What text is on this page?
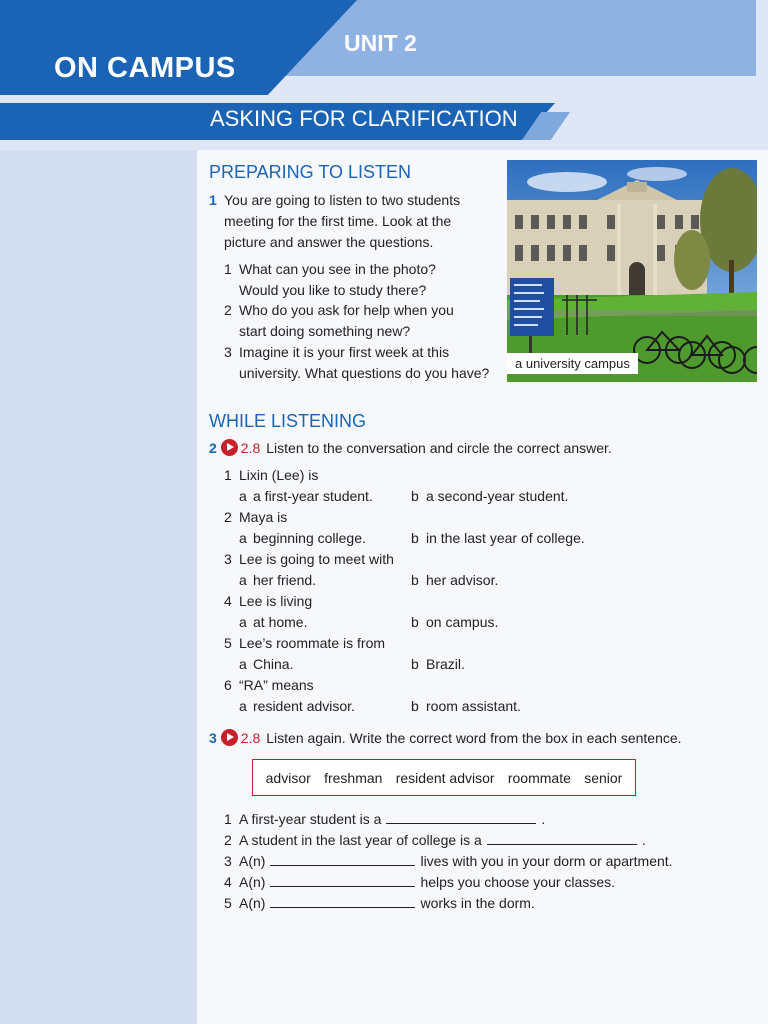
UNIT 2
ON CAMPUS
ASKING FOR CLARIFICATION
PREPARING TO LISTEN
1 You are going to listen to two students
meeting for the first time. Look at the
picture and answer the questions.
1 What can you see in the photo?
Would you like to study there?
2 Who do you ask for help when you
start doing something new?
3 Imagine it is your first week at this
university. What questions do you have?
a university campus
WHILE LISTENING
2 2.8 Listen to the conversation and circle the correct answer.
1 Lixin (Lee) is
a a first-year student.	b a second-year student.
2 Maya is
a beginning college.	b in the last year of college.
3 Lee is going to meet with
a her friend.	b her advisor.
4 Lee is living
a at home.	b on campus.
5 Lee’s roommate is from
a China.	b Brazil.
6 “RA” means
a resident advisor.	b room assistant.
3 2.8 Listen again. Write the correct word from the box in each sentence.
advisor freshman resident advisor roommate senior
1 A first-year student is a	.
2 A student in the last year of college is a	.
3 A(n)	lives with you in your dorm or apartment.
4 A(n)	helps you choose your classes.
5 A(n)	works in the dorm.
